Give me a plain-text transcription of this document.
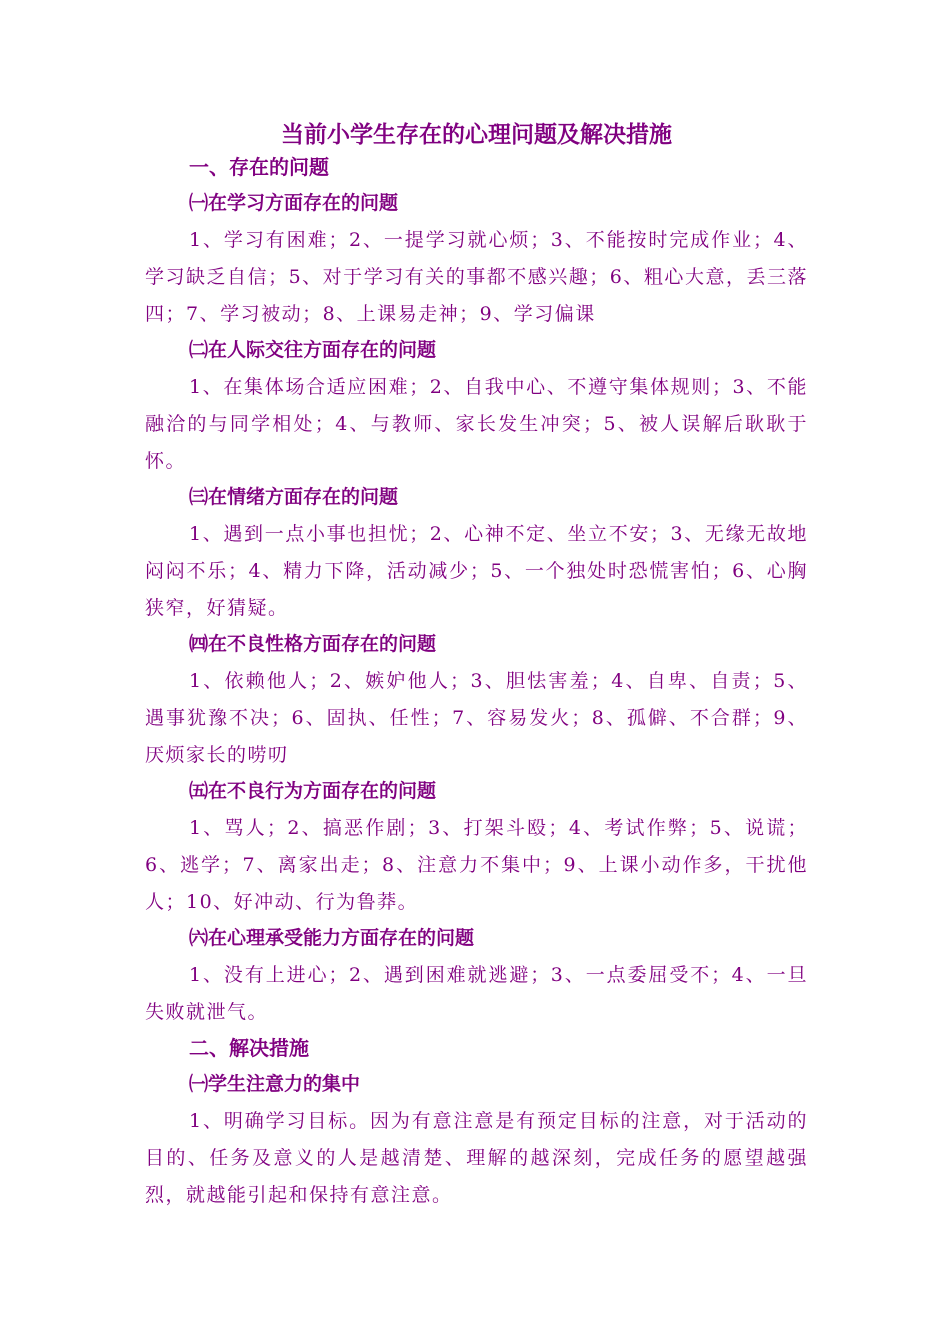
当前小学生存在的心理问题及解决措施
一、存在的问题
㈠在学习方面存在的问题
1、学习有困难；2、一提学习就心烦；3、不能按时完成作业；4、学习缺乏自信；5、对于学习有关的事都不感兴趣；6、粗心大意，丢三落四；7、学习被动；8、上课易走神；9、学习偏课
㈡在人际交往方面存在的问题
1、在集体场合适应困难；2、自我中心、不遵守集体规则；3、不能融洽的与同学相处；4、与教师、家长发生冲突；5、被人误解后耿耿于怀。
㈢在情绪方面存在的问题
1、遇到一点小事也担忧；2、心神不定、坐立不安；3、无缘无故地闷闷不乐；4、精力下降，活动减少；5、一个独处时恐慌害怕；6、心胸狭窄，好猜疑。
㈣在不良性格方面存在的问题
1、依赖他人；2、嫉妒他人；3、胆怯害羞；4、自卑、自责；5、遇事犹豫不决；6、固执、任性；7、容易发火；8、孤僻、不合群；9、厌烦家长的唠叨
㈤在不良行为方面存在的问题
1、骂人；2、搞恶作剧；3、打架斗殴；4、考试作弊；5、说谎；6、逃学；7、离家出走；8、注意力不集中；9、上课小动作多，干扰他人；10、好冲动、行为鲁莽。
㈥在心理承受能力方面存在的问题
1、没有上进心；2、遇到困难就逃避；3、一点委屈受不；4、一旦失败就泄气。
二、解决措施
㈠学生注意力的集中
1、明确学习目标。因为有意注意是有预定目标的注意，对于活动的目的、任务及意义的人是越清楚、理解的越深刻，完成任务的愿望越强烈，就越能引起和保持有意注意。
